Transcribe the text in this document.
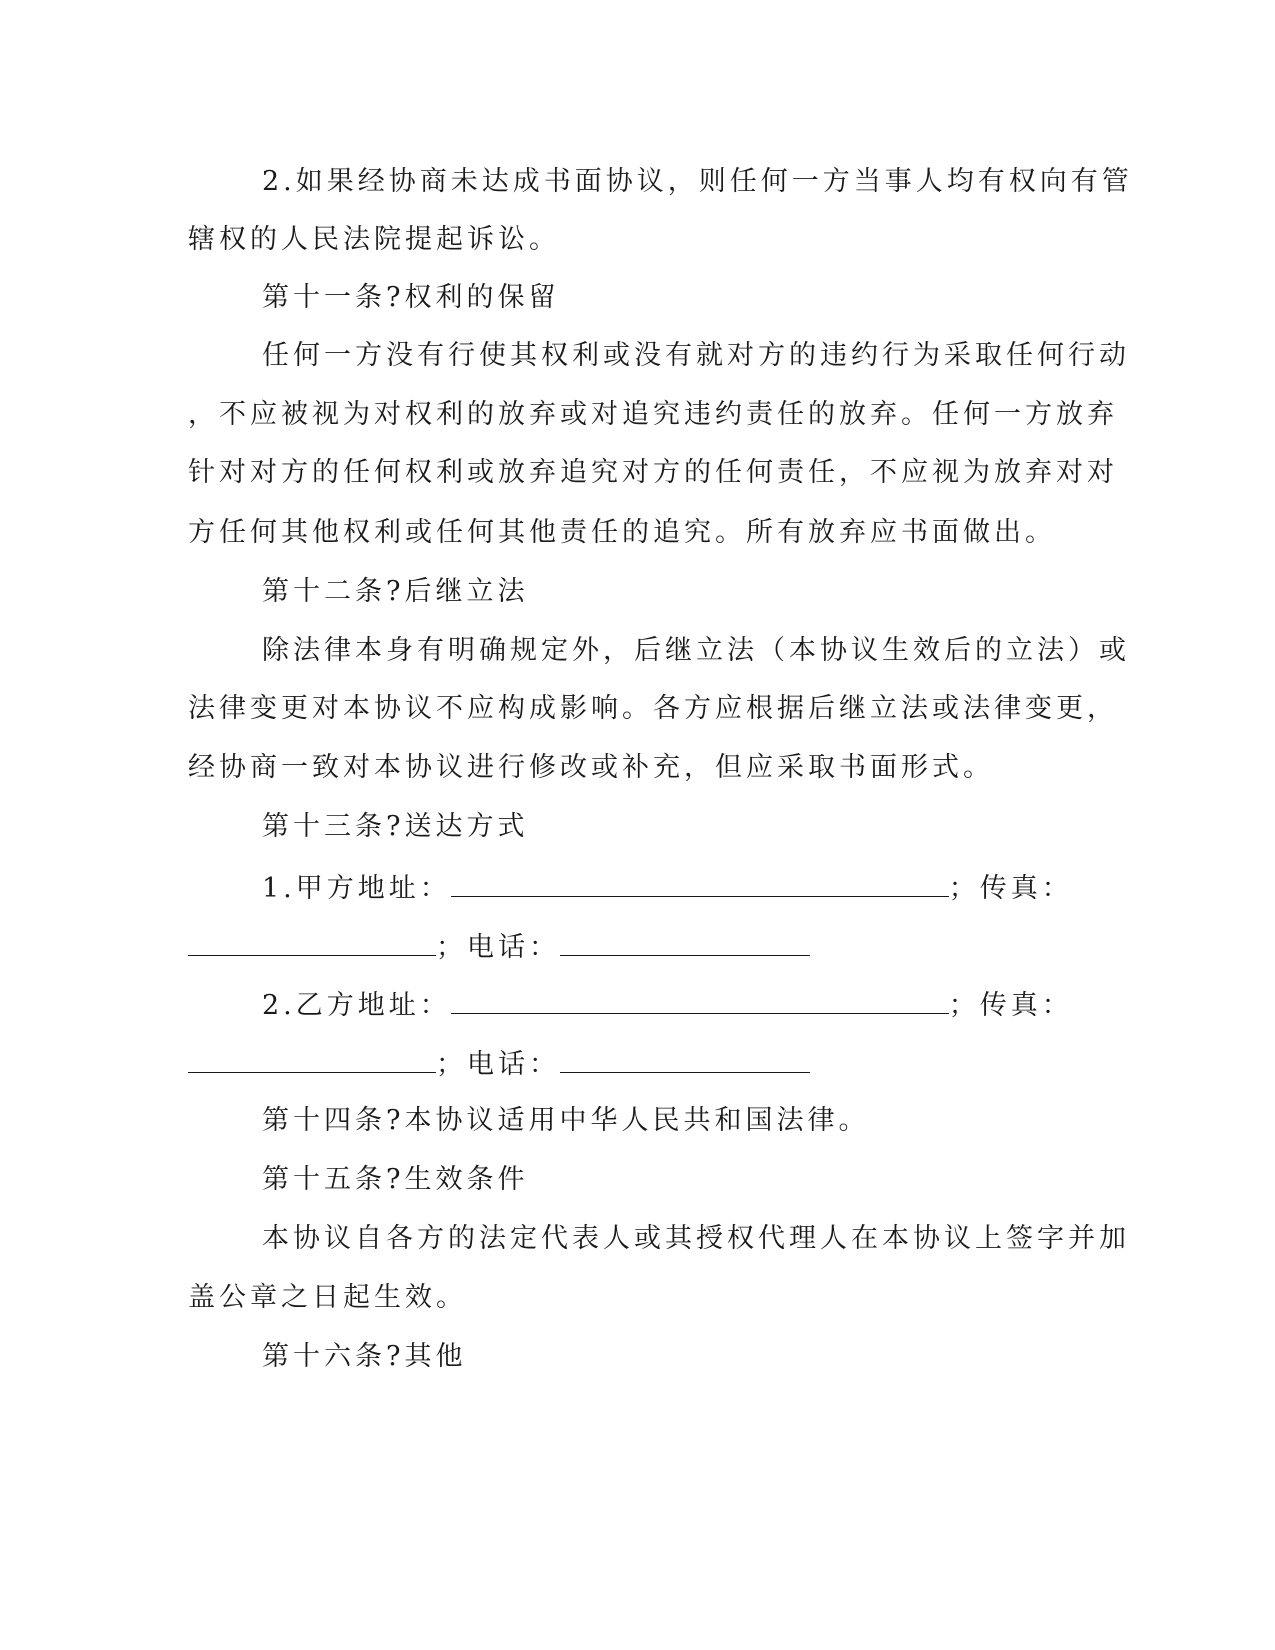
2.如果经协商未达成书面协议，则任何一方当事人均有权向有管
辖权的人民法院提起诉讼。
第十一条?权利的保留
任何一方没有行使其权利或没有就对方的违约行为采取任何行动
，不应被视为对权利的放弃或对追究违约责任的放弃。任何一方放弃
针对对方的任何权利或放弃追究对方的任何责任，不应视为放弃对对
方任何其他权利或任何其他责任的追究。所有放弃应书面做出。
第十二条?后继立法
除法律本身有明确规定外，后继立法（本协议生效后的立法）或
法律变更对本协议不应构成影响。各方应根据后继立法或法律变更，
经协商一致对本协议进行修改或补充，但应采取书面形式。
第十三条?送达方式
1.甲方地址：	；传真：
；电话：
2.乙方地址：	；传真：
；电话：
第十四条?本协议适用中华人民共和国法律。
第十五条?生效条件
本协议自各方的法定代表人或其授权代理人在本协议上签字并加
盖公章之日起生效。
第十六条?其他
